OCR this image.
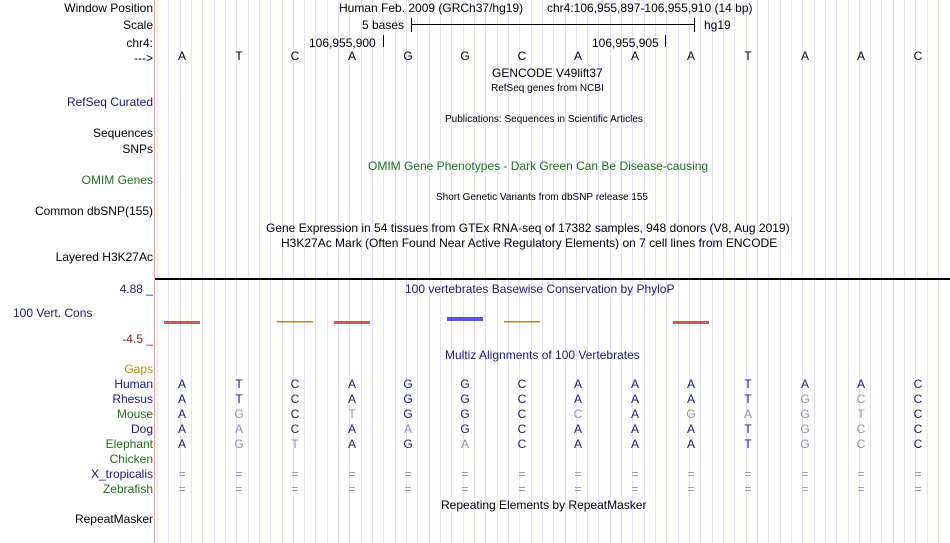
Window Position	Human Feb. 2009 (GRCh37/hg19) chr4:106,955,897-106,955,910 (14 bp)
Scale	5 bases	hg19
chr4:	106,955,900	106,955,905
---> A	T	C	A	G	G	C	A	A	A	T	A	A	C
GENCODE V49lift37
RefSeq genes from NCBI
RefSeq Curated
Publications: Sequences in Scientific Articles
Sequences
SNPs
OMIM Gene Phenotypes - Dark Green Can Be Disease-causing
OMIM Genes
Short Genetic Variants from dbSNP release 155
Common dbSNP(155)
Gene Expression in 54 tissues from GTEx RNA-seq of 17382 samples, 948 donors (V8, Aug 2019)
H3K27Ac Mark (Often Found Near Active Regulatory Elements) on 7 cell lines from ENCODE
Layered H3K27Ac
4.88 _	100 vertebrates Basewise Conservation by PhyloP
100 Vert. Cons
-4.5 _
Multiz Alignments of 100 Vertebrates
Gaps
Human A	T	C	A	G	G	C	A	A	A	T	A	A	C
Rhesus A	T	C	A	G	G	C	A	A	A	T	G	C	C
Mouse A	G	C	T	G	G	C	C	A	G	A	G	T	C
Dog A	A	C	A	A	G	C	A	A	A	T	G	C	C
Elephant A	G	T	A	G	A	C	A	A	A	T	G	C	C
Chicken
X_tropicalis =	=	=	=	=	=	=	=	=	=	=	=	=	=
Zebrafish =	=	=	=	=	=	=	=	=	=	=	=	=	=
Repeating Elements by RepeatMasker
RepeatMasker
